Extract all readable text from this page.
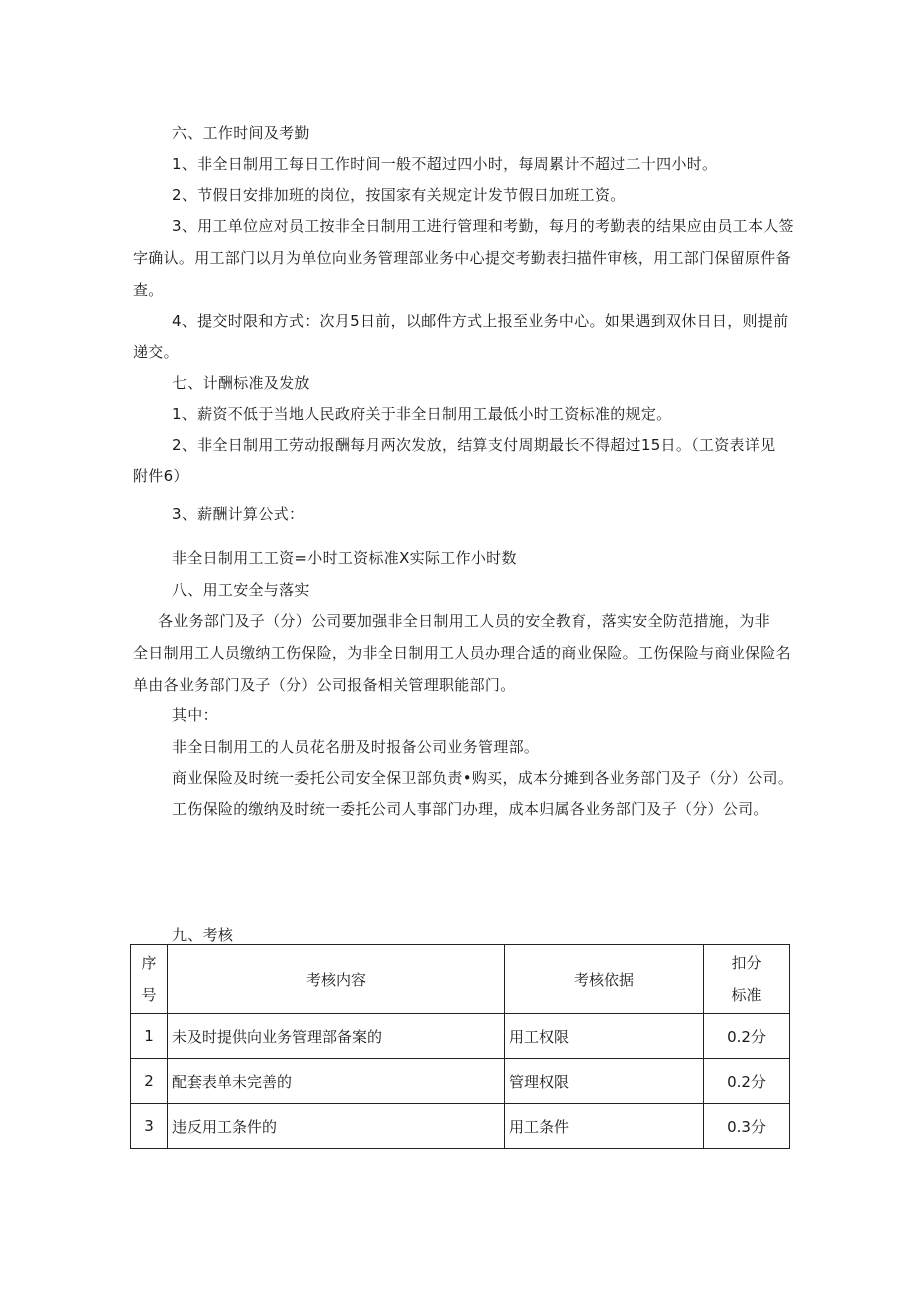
六、工作时间及考勤

1、非全日制用工每日工作时间一般不超过四小时，每周累计不超过二十四小时。

2、节假日安排加班的岗位，按国家有关规定计发节假日加班工资。

3、用工单位应对员工按非全日制用工进行管理和考勤，每月的考勤表的结果应由员工本人签

字确认。用工部门以月为单位向业务管理部业务中心提交考勤表扫描件审核，用工部门保留原件备

查。

4、提交时限和方式：次月5日前，以邮件方式上报至业务中心。如果遇到双休日日，则提前

递交。

七、计酬标准及发放

1、薪资不低于当地人民政府关于非全日制用工最低小时工资标准的规定。

2、非全日制用工劳动报酬每月两次发放，结算支付周期最长不得超过15日。（工资表详见

附件6）

3、薪酬计算公式：

非全日制用工工资=小时工资标准X实际工作小时数

八、用工安全与落实

各业务部门及子（分）公司要加强非全日制用工人员的安全教育，落实安全防范措施，为非

全日制用工人员缴纳工伤保险，为非全日制用工人员办理合适的商业保险。工伤保险与商业保险名

单由各业务部门及子（分）公司报备相关管理职能部门。

其中：

非全日制用工的人员花名册及时报备公司业务管理部。

商业保险及时统一委托公司安全保卫部负责•购买，成本分摊到各业务部门及子（分）公司。

工伤保险的缴纳及时统一委托公司人事部门办理，成本归属各业务部门及子（分）公司。

九、考核

序
号	考核内容	考核依据	扣分
标准

1	未及时提供向业务管理部备案的	用工权限	0.2分
2	配套表单未完善的	管理权限	0.2分
3	违反用工条件的	用工条件	0.3分
